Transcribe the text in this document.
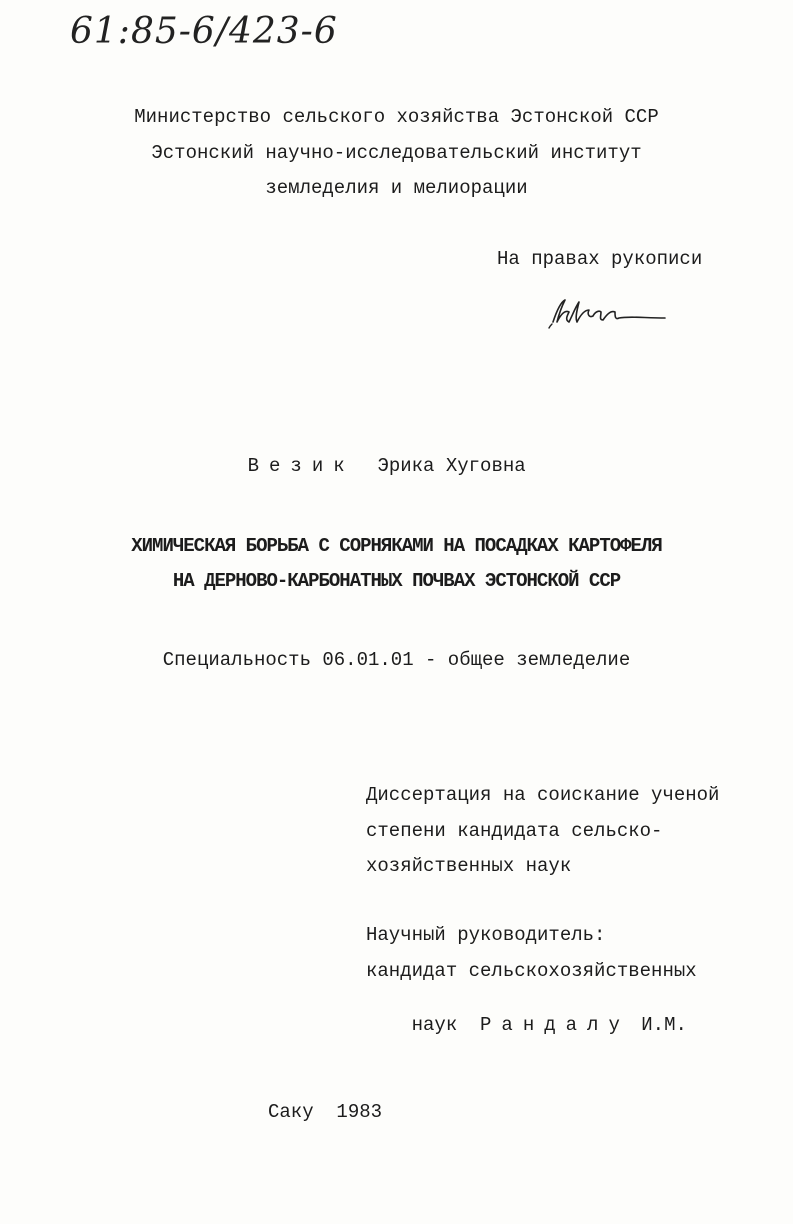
61:85-6/423-6
Министерство сельского хозяйства Эстонской ССР
Эстонский научно-исследовательский институт
земледелия и мелиорации
На правах рукописи

Везик Эрика Хуговна

ХИМИЧЕСКАЯ БОРЬБА С СОРНЯКАМИ НА ПОСАДКАХ КАРТОФЕЛЯ
НА ДЕРНОВО-КАРБОНАТНЫХ ПОЧВАХ ЭСТОНСКОЙ ССР
Специальность 06.01.01 - общее земледелие
Диссертация на соискание ученой
степени кандидата сельско-
хозяйственных наук
Научный руководитель:
кандидат сельскохозяйственных

наук Рандалу И.М.

Саку  1983
